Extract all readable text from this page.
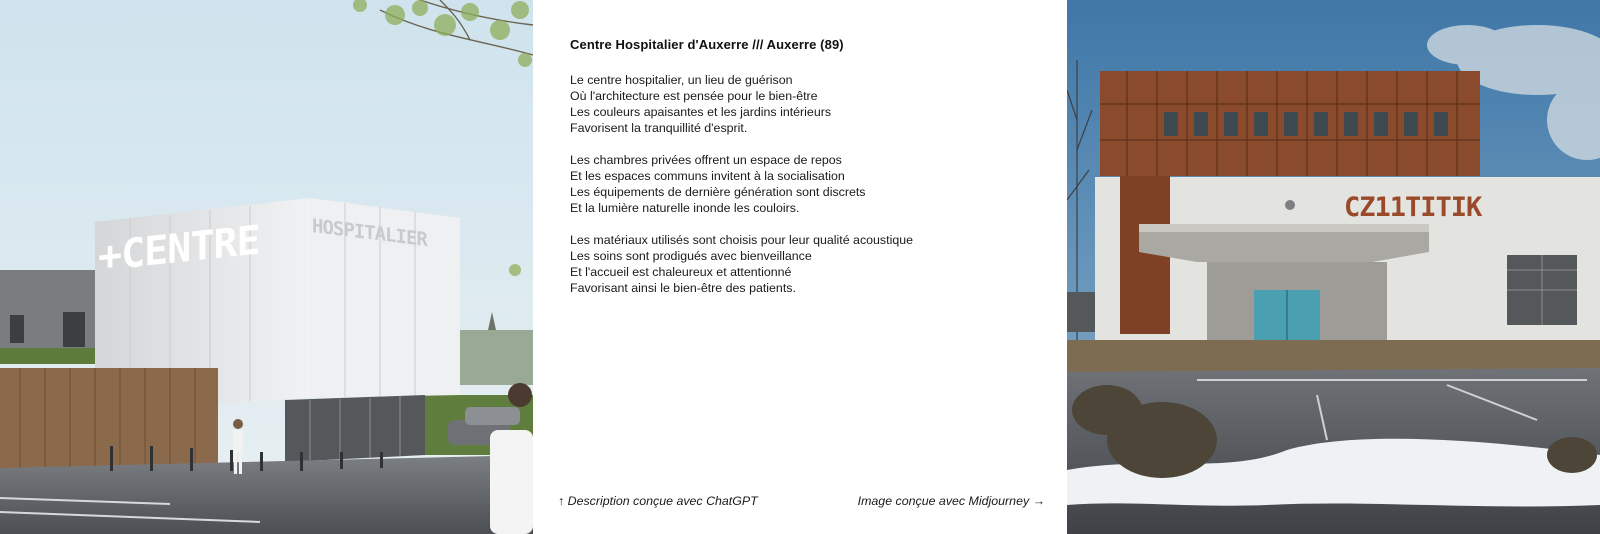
+CENTRE	HOSPITALIER
Centre Hospitalier d'Auxerre /// Auxerre (89)
Le centre hospitalier, un lieu de guérison
Où l'architecture est pensée pour le bien-être
Les couleurs apaisantes et les jardins intérieurs
Favorisent la tranquillité d'esprit.
Les chambres privées offrent un espace de repos
Et les espaces communs invitent à la socialisation
Les équipements de dernière génération sont discrets
Et la lumière naturelle inonde les couloirs.
Les matériaux utilisés sont choisis pour leur qualité acoustique
Les soins sont prodigués avec bienveillance
Et l'accueil est chaleureux et attentionné
Favorisant ainsi le bien-être des patients.
↑ Description conçue avec ChatGPT	Image conçue avec Midjourney →
CZ11TITIK
